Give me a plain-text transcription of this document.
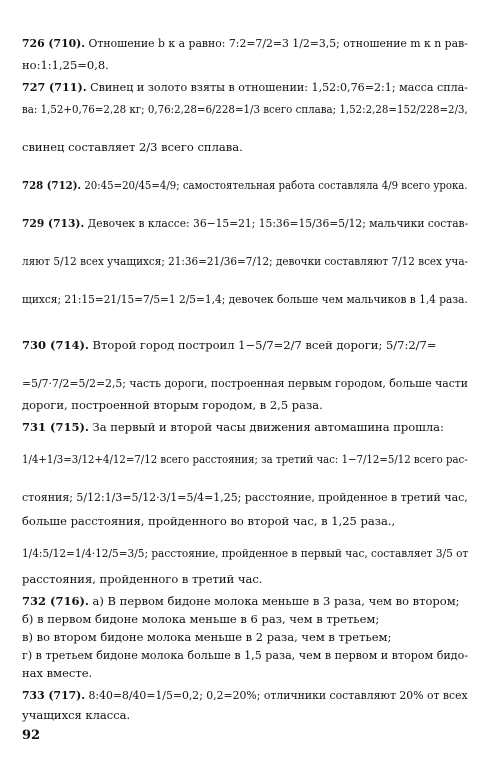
726 (710). Отношение b к a равно: 7:2=7/2=3 1/2=3,5; отношение m к n рав-
но:1:1,25=0,8.
727 (711). Свинец и золото взяты в отношении: 1,52:0,76=2:1; масса спла-
ва: 1,52+0,76=2,28 кг; 0,76:2,28=6/228=1/3 всего сплава; 1,52:2,28=152/228=2/3,
свинец составляет 2/3 всего сплава.
728 (712). 20:45=20/45=4/9; самостоятельная работа составляла 4/9 всего урока.
729 (713). Девочек в классе: 36−15=21; 15:36=15/36=5/12; мальчики состав-
ляют 5/12 всех учащихся; 21:36=21/36=7/12; девочки составляют 7/12 всех уча-
щихся; 21:15=21/15=7/5=1 2/5=1,4; девочек больше чем мальчиков в 1,4 раза.
730 (714). Второй город построил 1−5/7=2/7 всей дороги; 5/7:2/7=
=5/7·7/2=5/2=2,5; часть дороги, построенная первым городом, больше части
дороги, построенной вторым городом, в 2,5 раза.
731 (715). За первый и второй часы движения автомашина прошла:
1/4+1/3=3/12+4/12=7/12 всего расстояния; за третий час: 1−7/12=5/12 всего рас-
стояния; 5/12:1/3=5/12·3/1=5/4=1,25; расстояние, пройденное в третий час,
больше расстояния, пройденного во второй час, в 1,25 раза.,
1/4:5/12=1/4·12/5=3/5; расстояние, пройденное в первый час, составляет 3/5 от
расстояния, пройденного в третий час.
732 (716). а) В первом бидоне молока меньше в 3 раза, чем во втором;
б) в первом бидоне молока меньше в 6 раз, чем в третьем;
в) во втором бидоне молока меньше в 2 раза, чем в третьем;
г) в третьем бидоне молока больше в 1,5 раза, чем в первом и втором бидо-
нах вместе.
733 (717). 8:40=8/40=1/5=0,2; 0,2=20%; отличники составляют 20% от всех
учащихся класса.
92
